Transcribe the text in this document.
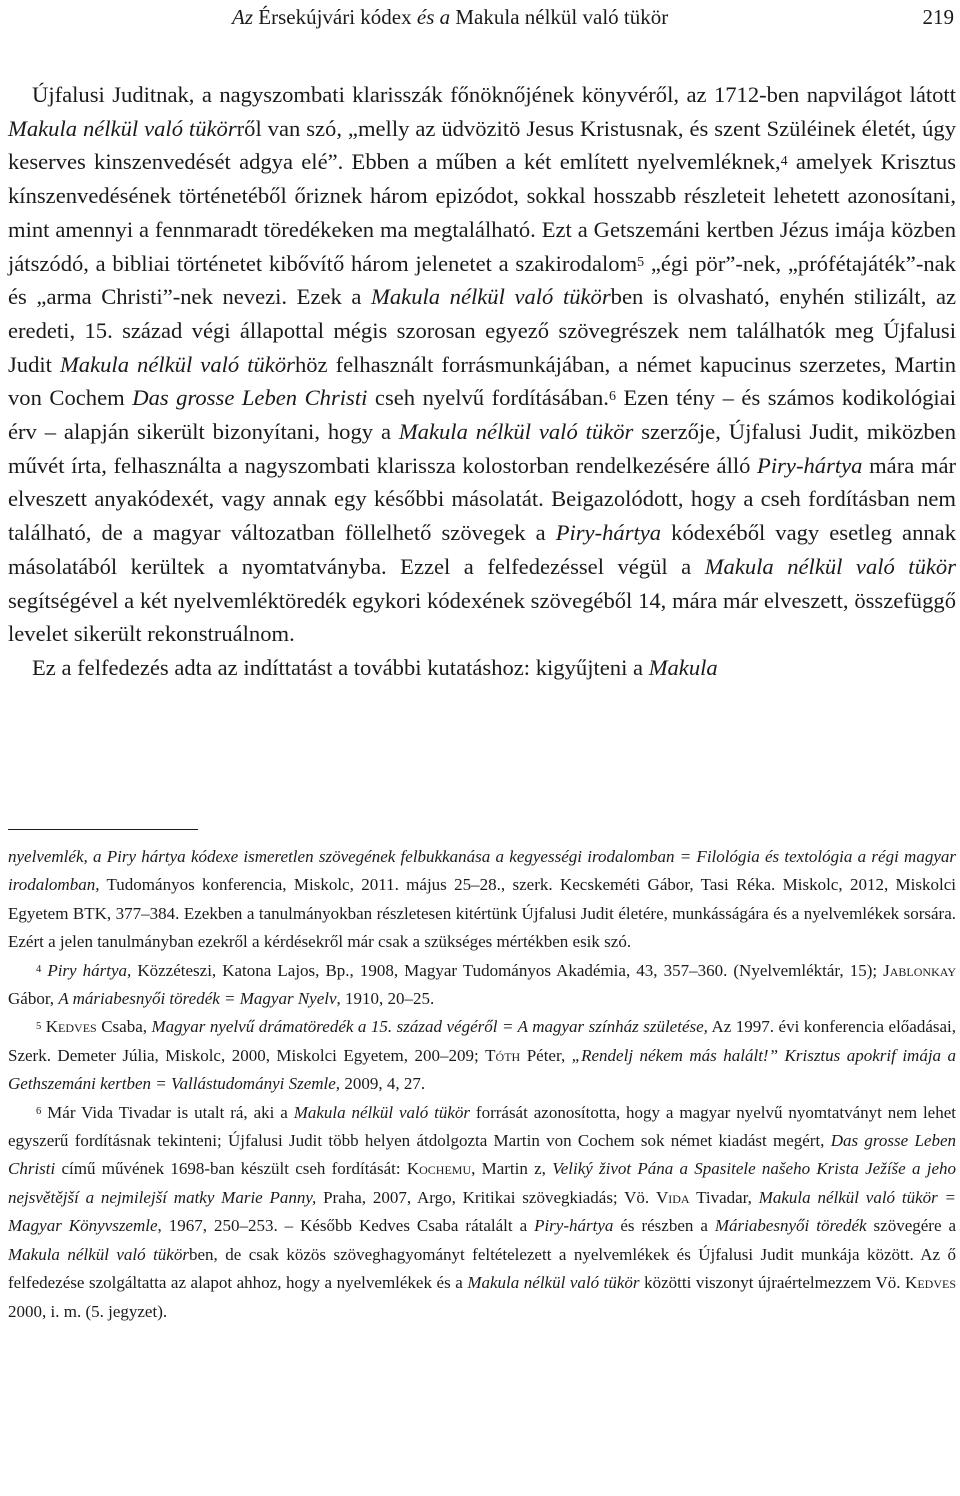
Az Érsekújvári kódex és a Makula nélkül való tükör	219

Újfalusi Juditnak, a nagyszombati klarisszák főnöknőjének könyvéről, az 1712-ben napvilágot látott Makula nélkül való tükörről van szó, „melly az üdvözitö Jesus Kristusnak, és szent Szüléinek életét, úgy keserves kinszenvedését adgya elé”. Ebben a műben a két említett nyelvemléknek,$^4$ amelyek Krisztus kínszenvedésének történetéből őriznek három epizódot, sokkal hosszabb részleteit lehetett azonosítani, mint amennyi a fennmaradt töredékeken ma megtalálható. Ezt a Getszemáni kertben Jézus imája közben játszódó, a bibliai történetet kibővítő három jelenetet a szakirodalom$^5$ „égi pör”-nek, „prófétajáték”-nak és „arma Christi”-nek nevezi. Ezek a Makula nélkül való tükörben is olvasható, enyhén stilizált, az eredeti, 15. század végi állapottal mégis szorosan egyező szövegrészek nem találhatók meg Újfalusi Judit Makula nélkül való tükörhöz felhasznált forrásmunkájában, a német kapucinus szerzetes, Martin von Cochem Das grosse Leben Christi cseh nyelvű fordításában.$^6$ Ezen tény – és számos kodikológiai érv – alapján sikerült bizonyítani, hogy a Makula nélkül való tükör szerzője, Újfalusi Judit, miközben művét írta, felhasználta a nagyszombati klarissza kolostorban rendelkezésére álló Piry-hártya mára már elveszett anyakódexét, vagy annak egy későbbi másolatát. Beigazolódott, hogy a cseh fordításban nem található, de a magyar változatban föllelhető szövegek a Piry-hártya kódexéből vagy esetleg annak másolatából kerültek a nyomtatványba. Ezzel a felfedezéssel végül a Makula nélkül való tükör segítségével a két nyelvemléktöredék egykori kódexének szövegéből 14, mára már elveszett, összefüggő levelet sikerült rekonstruálnom.

Ez a felfedezés adta az indíttatást a további kutatáshoz: kigyűjteni a Makula

nyelvemlék, a Piry hártya kódexe ismeretlen szövegének felbukkanása a kegyességi irodalomban = Filológia és textológia a régi magyar irodalomban, Tudományos konferencia, Miskolc, 2011. május 25–28., szerk. Kecskeméti Gábor, Tasi Réka. Miskolc, 2012, Miskolci Egyetem BTK, 377–384. Ezekben a tanulmányokban részletesen kitértünk Újfalusi Judit életére, munkásságára és a nyelvemlékek sorsára. Ezért a jelen tanulmányban ezekről a kérdésekről már csak a szükséges mértékben esik szó.

$^4$ Piry hártya, Közzéteszi, Katona Lajos, Bp., 1908, Magyar Tudományos Akadémia, 43, 357–360. (Nyelvemléktár, 15); Jablonkay Gábor, A máriabesnyői töredék = Magyar Nyelv, 1910, 20–25.

$^5$ Kedves Csaba, Magyar nyelvű drámatöredék a 15. század végéről = A magyar színház születése, Az 1997. évi konferencia előadásai, Szerk. Demeter Júlia, Miskolc, 2000, Miskolci Egyetem, 200–209; Tóth Péter, „Rendelj nékem más halált!” Krisztus apokrif imája a Gethszemáni kertben = Vallástudományi Szemle, 2009, 4, 27.

$^6$ Már Vida Tivadar is utalt rá, aki a Makula nélkül való tükör forrását azonosította, hogy a magyar nyelvű nyomtatványt nem lehet egyszerű fordításnak tekinteni; Újfalusi Judit több helyen átdolgozta Martin von Cochem sok német kiadást megért, Das grosse Leben Christi című művének 1698-ban készült cseh fordítását: Kochemu, Martin z, Veliký život Pána a Spasitele našeho Krista Ježíše a jeho nejsvětější a nejmilejší matky Marie Panny, Praha, 2007, Argo, Kritikai szövegkiadás; Vö. Vida Tivadar, Makula nélkül való tükör = Magyar Könyvszemle, 1967, 250–253. – Később Kedves Csaba rátalált a Piry-hártya és részben a Máriabesnyői töredék szövegére a Makula nélkül való tükörben, de csak közös szöveghagyományt feltételezett a nyelvemlékek és Újfalusi Judit munkája között. Az ő felfedezése szolgáltatta az alapot ahhoz, hogy a nyelvemlékek és a Makula nélkül való tükör közötti viszonyt újraértelmezzem Vö. Kedves 2000, i. m. (5. jegyzet).
